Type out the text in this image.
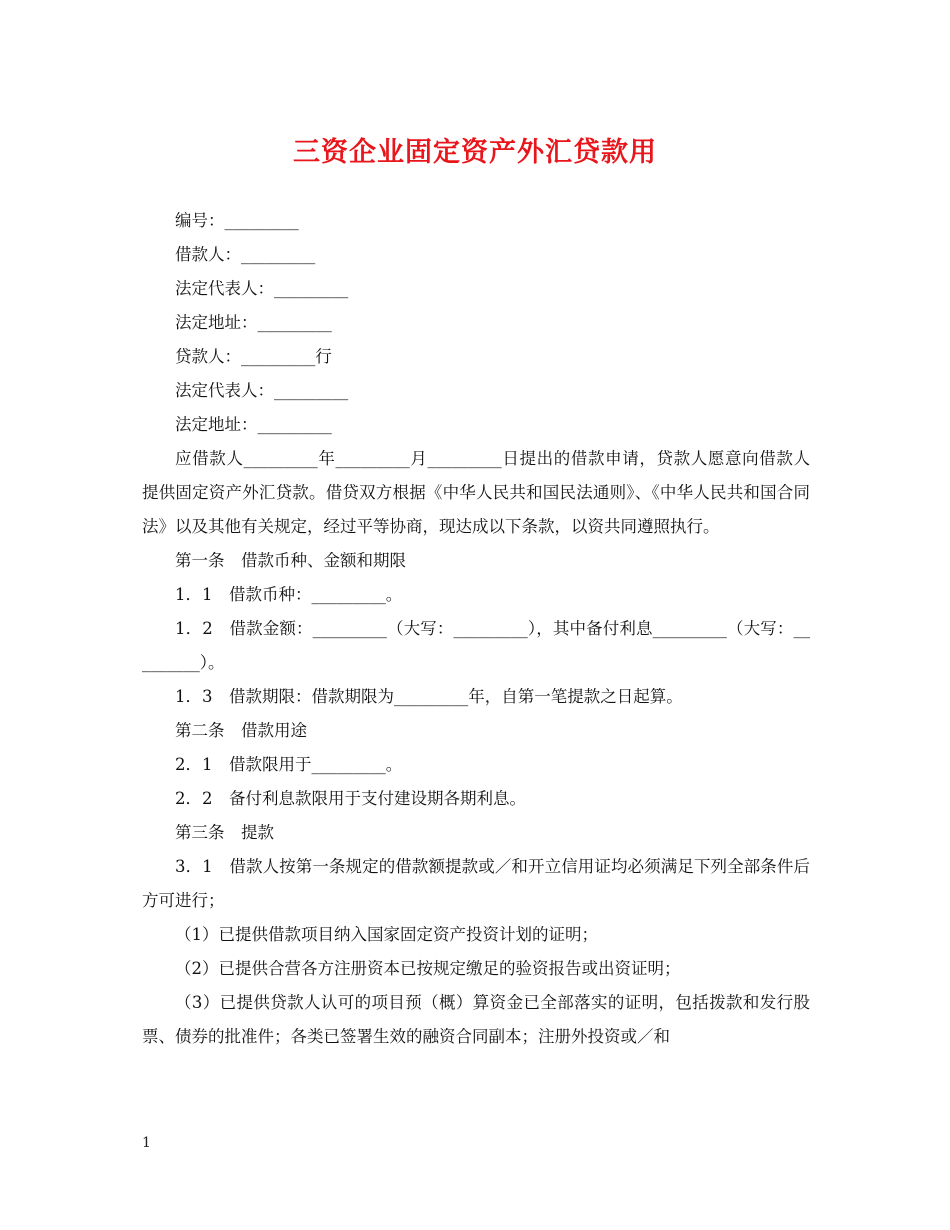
三资企业固定资产外汇贷款用

编号：_________

借款人：_________

法定代表人：_________

法定地址：_________

贷款人：_________行

法定代表人：_________

法定地址：_________

应借款人_________年_________月_________日提出的借款申请，贷款人愿意向借款人提供固定资产外汇贷款。借贷双方根据《中华人民共和国民法通则》、《中华人民共和国合同法》以及其他有关规定，经过平等协商，现达成以下条款，以资共同遵照执行。

第一条　借款币种、金额和期限

1．1　借款币种：_________。

1．2　借款金额：_________（大写：_________），其中备付利息_________（大写：_________）。

1．3　借款期限：借款期限为_________年，自第一笔提款之日起算。

第二条　借款用途

2．1　借款限用于_________。

2．2　备付利息款限用于支付建设期各期利息。

第三条　提款

3．1　借款人按第一条规定的借款额提款或／和开立信用证均必须满足下列全部条件后方可进行；

（1）已提供借款项目纳入国家固定资产投资计划的证明；

（2）已提供合营各方注册资本已按规定缴足的验资报告或出资证明；

（3）已提供贷款人认可的项目预（概）算资金已全部落实的证明，包括拨款和发行股票、债券的批准件；各类已签署生效的融资合同副本；注册外投资或／和

1
